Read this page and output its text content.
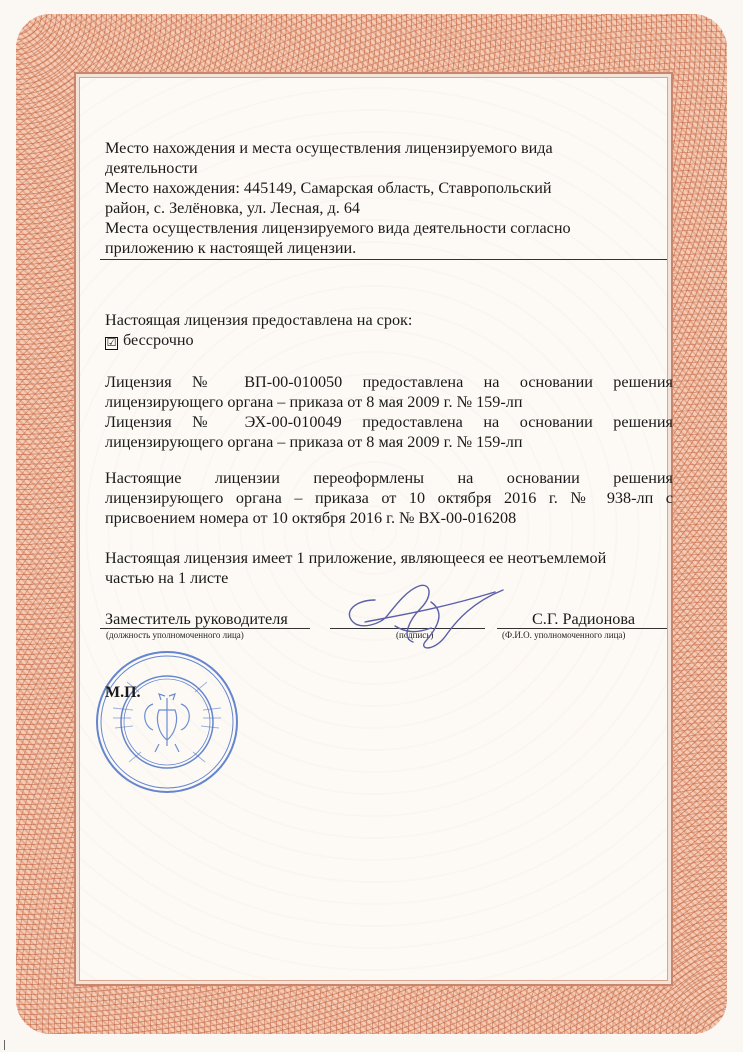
Место нахождения и места осуществления лицензируемого вида
деятельности
Место нахождения: 445149, Самарская область, Ставропольский
район, с. Зелёновка, ул. Лесная, д. 64
Места осуществления лицензируемого вида деятельности согласно
приложению к настоящей лицензии.
Настоящая лицензия предоставлена на срок:
☑ бессрочно
Лицензия № ВП-00-010050 предоставлена на основании решения
лицензирующего органа – приказа от 8 мая 2009 г. № 159-лп
Лицензия № ЭХ-00-010049 предоставлена на основании решения
лицензирующего органа – приказа от 8 мая 2009 г. № 159-лп
Настоящие лицензии переоформлены на основании решения
лицензирующего органа – приказа от 10 октября 2016 г. № 938-лп с
присвоением номера от 10 октября 2016 г. № ВХ-00-016208
Настоящая лицензия имеет 1 приложение, являющееся ее неотъемлемой
частью на 1 листе
Заместитель руководителя	С.Г. Радионова
(должность уполномоченного лица)	(подпись)	(Ф.И.О. уполномоченного лица)
М.П.
